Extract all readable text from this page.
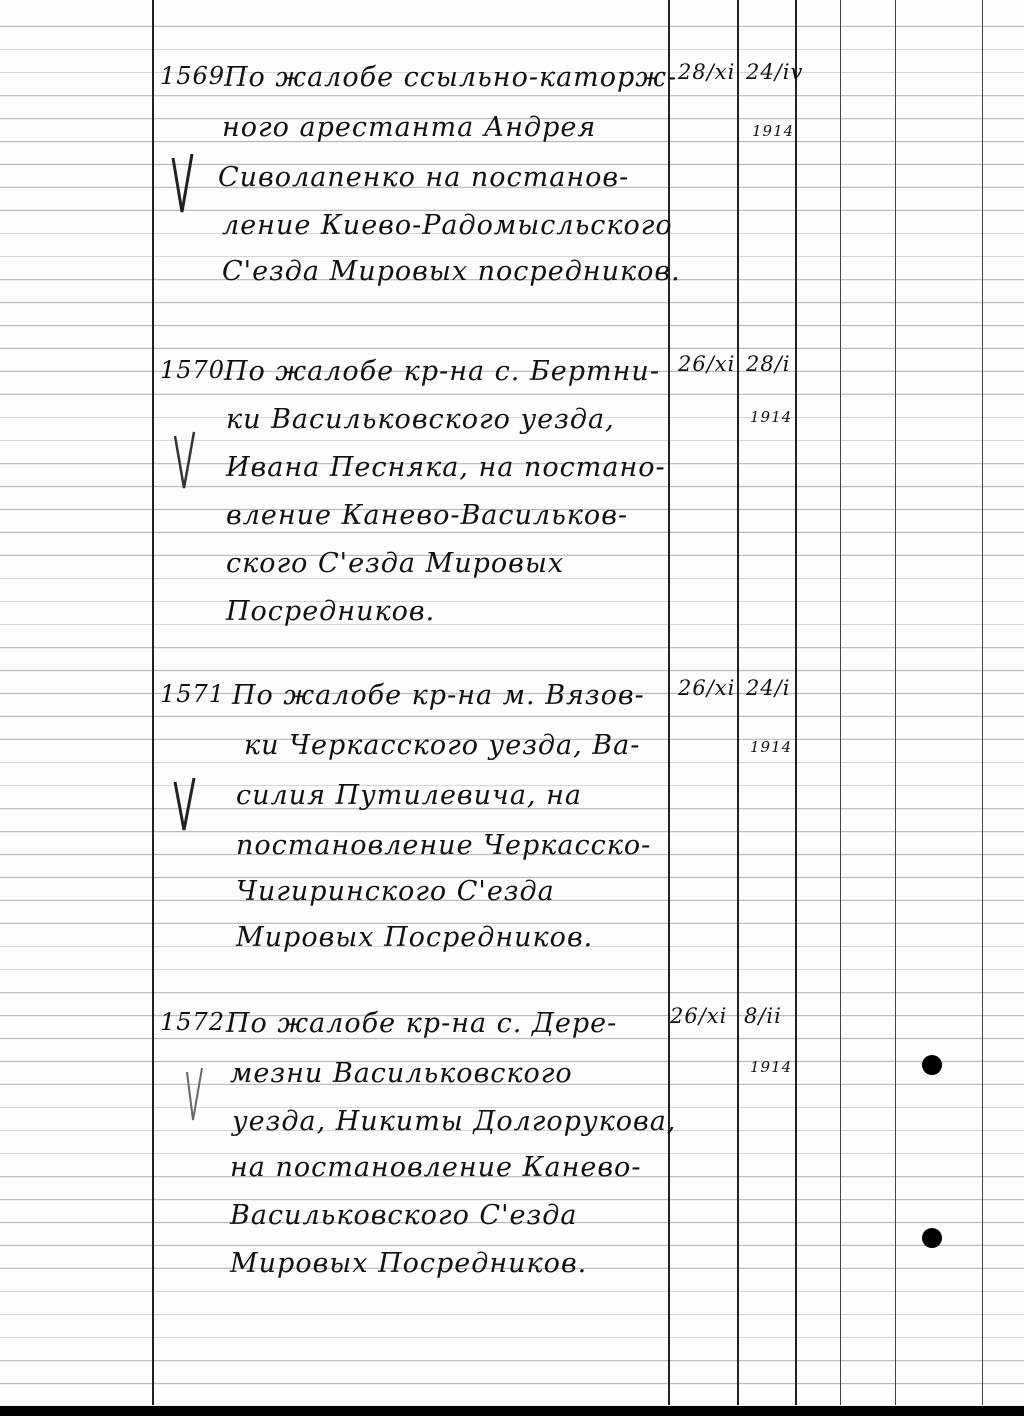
1569
По жалобе ссыльно-каторж-
ного арестанта Андрея
Сиволапенко на постанов-
ление Киево-Радомысльского
С'езда Мировых посредников.
28/xi 24/iv
1914
1570
По жалобе кр-на с. Бертни-
ки Васильковского уезда,
Ивана Песняка, на постано-
вление Канево-Васильков-
ского С'езда Мировых
Посредников.
26/xi 28/i
1914
1571 По жалобе кр-на м. Вязов-
ки Черкасского уезда, Ва-
силия Путилевича, на
постановление Черкасско-
Чигиринского С'езда
Мировых Посредников.
26/xi 24/i
1914
1572 По жалобе кр-на с. Дере-
мезни Васильковского
уезда, Никиты Долгорукова,
на постановление Канево-
Васильковского С'езда
Мировых Посредников.
26/xi 8/ii
1914
